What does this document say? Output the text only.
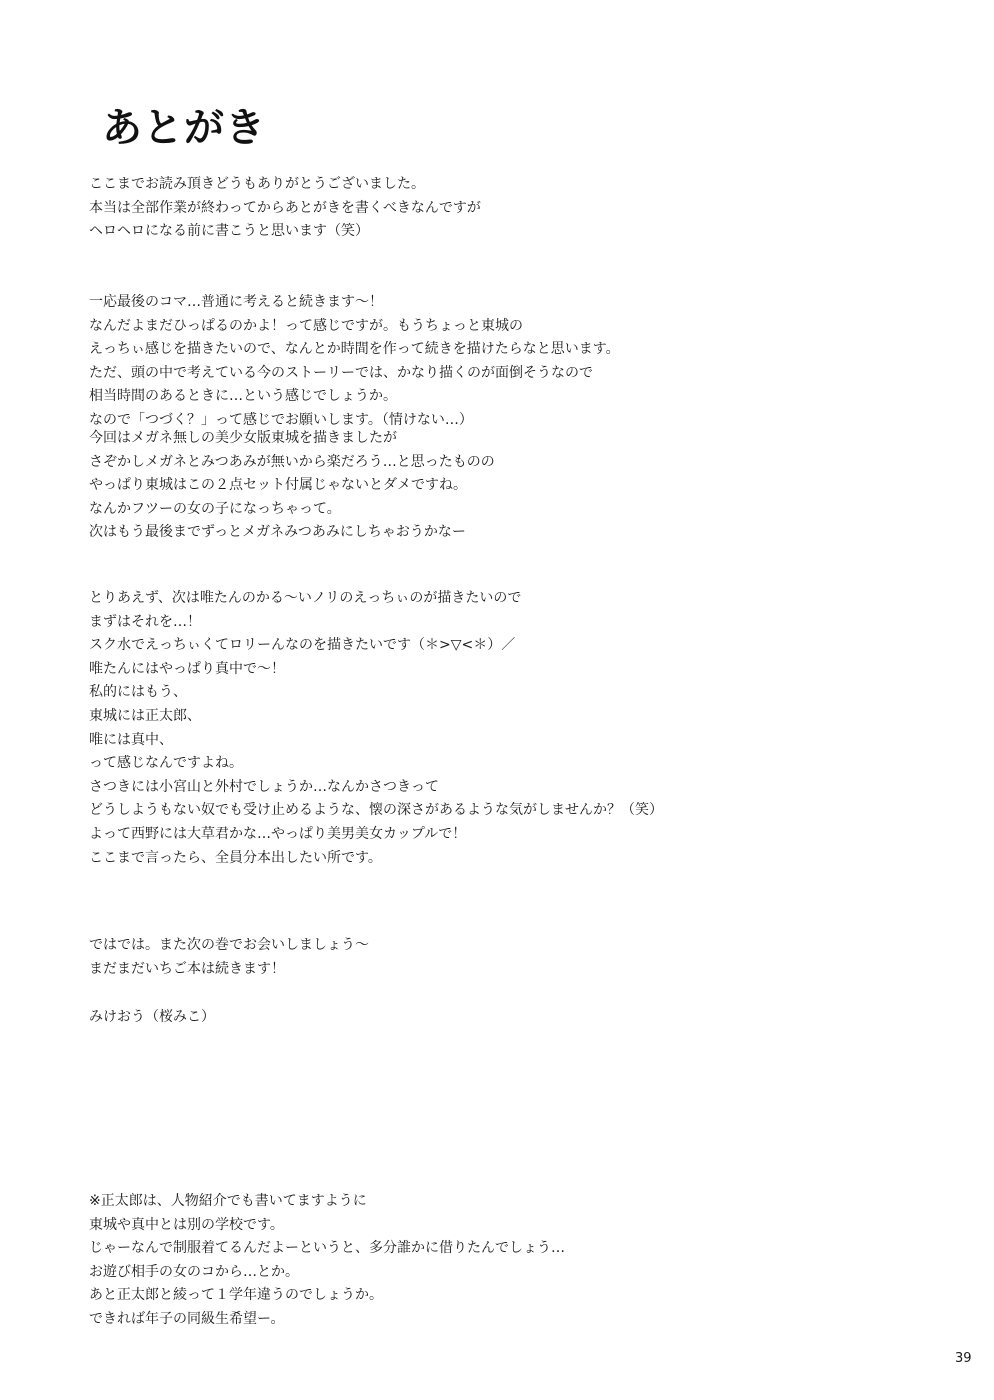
あとがき
ここまでお読み頂きどうもありがとうございました。
本当は全部作業が終わってからあとがきを書くべきなんですが
ヘロヘロになる前に書こうと思います（笑）
一応最後のコマ…普通に考えると続きます～！
なんだよまだひっぱるのかよ！って感じですが。もうちょっと東城の
えっちぃ感じを描きたいので、なんとか時間を作って続きを描けたらなと思います。
ただ、頭の中で考えている今のストーリーでは、かなり描くのが面倒そうなので
相当時間のあるときに…という感じでしょうか。
なので「つづく？」って感じでお願いします。（情けない…）
今回はメガネ無しの美少女版東城を描きましたが
さぞかしメガネとみつあみが無いから楽だろう…と思ったものの
やっぱり東城はこの２点セット付属じゃないとダメですね。
なんかフツーの女の子になっちゃって。
次はもう最後までずっとメガネみつあみにしちゃおうかなー
とりあえず、次は唯たんのかる～いノリのえっちぃのが描きたいので
まずはそれを…！
スク水でえっちぃくてロリーんなのを描きたいです（＊>▽<＊）／
唯たんにはやっぱり真中で～！
私的にはもう、
東城には正太郎、
唯には真中、
って感じなんですよね。
さつきには小宮山と外村でしょうか…なんかさつきって
どうしようもない奴でも受け止めるような、懐の深さがあるような気がしませんか？（笑）
よって西野には大草君かな…やっぱり美男美女カップルで！
ここまで言ったら、全員分本出したい所です。
ではでは。また次の巻でお会いしましょう～
まだまだいちご本は続きます！
みけおう（桜みこ）
※正太郎は、人物紹介でも書いてますように
東城や真中とは別の学校です。
じゃーなんで制服着てるんだよーというと、多分誰かに借りたんでしょう…
お遊び相手の女のコから…とか。
あと正太郎と綾って１学年違うのでしょうか。
できれば年子の同級生希望ー。
39
